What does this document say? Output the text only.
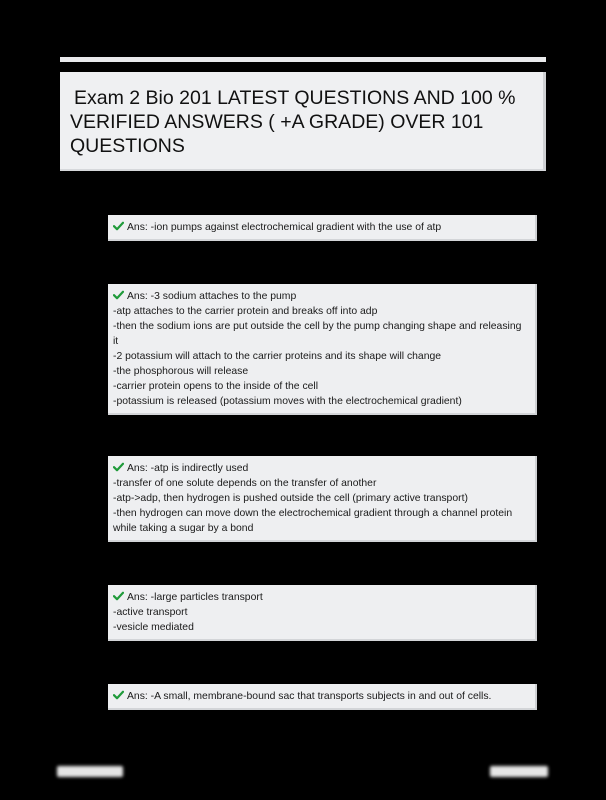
Exam 2 Bio 201 LATEST QUESTIONS AND 100 % VERIFIED ANSWERS ( +A GRADE) OVER 101 QUESTIONS

Ans: -ion pumps against electrochemical gradient with the use of atp
Ans: -3 sodium attaches to the pump
-atp attaches to the carrier protein and breaks off into adp
-then the sodium ions are put outside the cell by the pump changing shape and releasing it
-2 potassium will attach to the carrier proteins and its shape will change
-the phosphorous will release
-carrier protein opens to the inside of the cell
-potassium is released (potassium moves with the electrochemical gradient)
Ans: -atp is indirectly used
-transfer of one solute depends on the transfer of another
-atp->adp, then hydrogen is pushed outside the cell (primary active transport)
-then hydrogen can move down the electrochemical gradient through a channel protein while taking a sugar by a bond
Ans: -large particles transport
-active transport
-vesicle mediated
Ans: -A small, membrane-bound sac that transports subjects in and out of cells.
